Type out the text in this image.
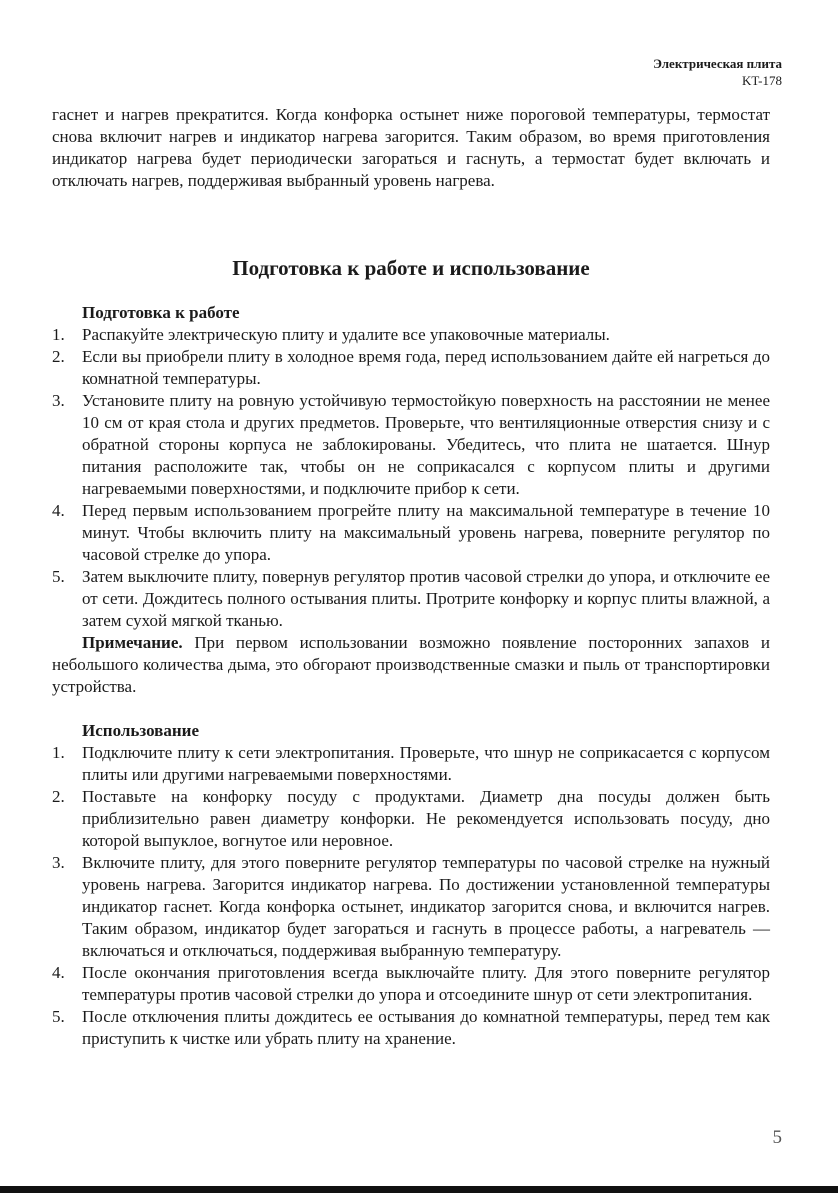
Электрическая плита
KT-178

гаснет и нагрев прекратится. Когда конфорка остынет ниже пороговой температуры, термостат снова включит нагрев и индикатор нагрева загорится. Таким образом, во время приготовления индикатор нагрева будет периодически загораться и гаснуть, а термостат будет включать и отключать нагрев, поддерживая выбранный уровень нагрева.

Подготовка к работе и использование

Подготовка к работе

1. Распакуйте электрическую плиту и удалите все упаковочные материалы.
2. Если вы приобрели плиту в холодное время года, перед использованием дайте ей нагреться до комнатной температуры.
3. Установите плиту на ровную устойчивую термостойкую поверхность на расстоянии не менее 10 см от края стола и других предметов. Проверьте, что вентиляционные отверстия снизу и с обратной стороны корпуса не заблокированы. Убедитесь, что плита не шатается. Шнур питания расположите так, чтобы он не соприкасался с корпусом плиты и другими нагреваемыми поверхностями, и подключите прибор к сети.
4. Перед первым использованием прогрейте плиту на максимальной температуре в течение 10 минут. Чтобы включить плиту на максимальный уровень нагрева, поверните регулятор по часовой стрелке до упора.
5. Затем выключите плиту, повернув регулятор против часовой стрелки до упора, и отключите ее от сети. Дождитесь полного остывания плиты. Протрите конфорку и корпус плиты влажной, а затем сухой мягкой тканью.

Примечание. При первом использовании возможно появление посторонних запахов и небольшого количества дыма, это обгорают производственные смазки и пыль от транспортировки устройства.

Использование

1. Подключите плиту к сети электропитания. Проверьте, что шнур не соприкасается с корпусом плиты или другими нагреваемыми поверхностями.
2. Поставьте на конфорку посуду с продуктами. Диаметр дна посуды должен быть приблизительно равен диаметру конфорки. Не рекомендуется использовать посуду, дно которой выпуклое, вогнутое или неровное.
3. Включите плиту, для этого поверните регулятор температуры по часовой стрелке на нужный уровень нагрева. Загорится индикатор нагрева. По достижении установленной температуры индикатор гаснет. Когда конфорка остынет, индикатор загорится снова, и включится нагрев. Таким образом, индикатор будет загораться и гаснуть в процессе работы, а нагреватель — включаться и отключаться, поддерживая выбранную температуру.
4. После окончания приготовления всегда выключайте плиту. Для этого поверните регулятор температуры против часовой стрелки до упора и отсоедините шнур от сети электропитания.
5. После отключения плиты дождитесь ее остывания до комнатной температуры, перед тем как приступить к чистке или убрать плиту на хранение.
5
